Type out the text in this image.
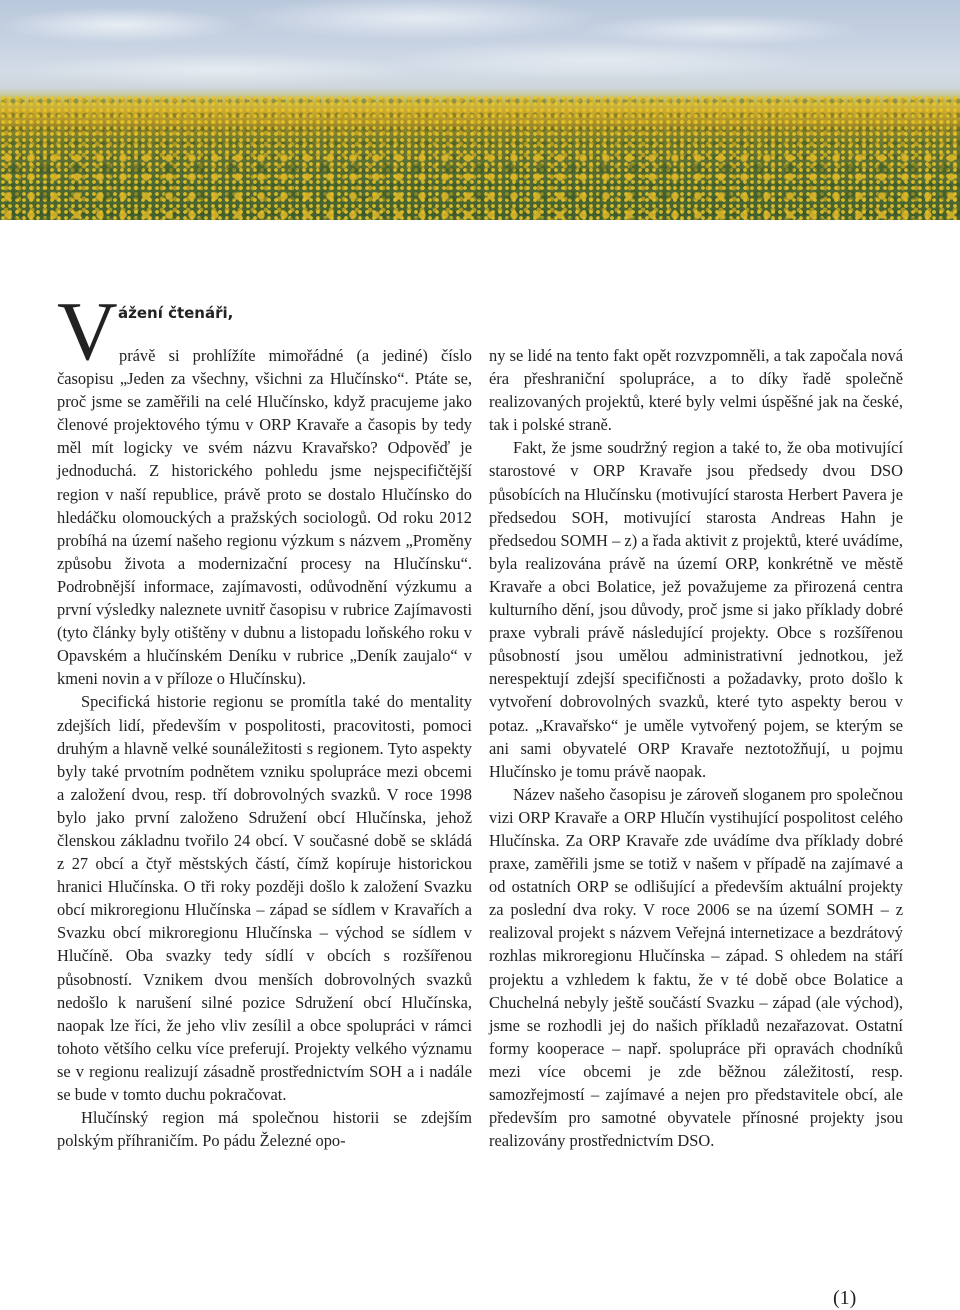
V ážení čtenáři,

právě si prohlížíte mimořádné (a jediné) číslo časopisu „Jeden za všechny, všichni za Hlučínsko“. Ptáte se, proč jsme se zaměřili na celé Hlučínsko, když pracujeme jako členové projektového týmu v ORP Kravaře a časopis by tedy měl mít logicky ve svém názvu Kravařsko? Odpověď je jednoduchá. Z historického pohledu jsme nejspecifičtější region v naší republice, právě proto se dostalo Hlučínsko do hledáčku olomouckých a pražských sociologů. Od roku 2012 probíhá na území našeho regionu výzkum s názvem „Proměny způsobu života a modernizační procesy na Hlučínsku“. Podrobnější informace, zajímavosti, odůvodnění výzkumu a první výsledky naleznete uvnitř časopisu v rubrice Zajímavosti (tyto články byly otištěny v dubnu a listopadu loňského roku v Opavském a hlučínském Deníku v rubrice „Deník zaujalo“ v kmeni novin a v příloze o Hlučínsku).

Specifická historie regionu se promítla také do mentality zdejších lidí, především v pospolitosti, pracovitosti, pomoci druhým a hlavně velké sounáležitosti s regionem. Tyto aspekty byly také prvotním podnětem vzniku spolupráce mezi obcemi a založení dvou, resp. tří dobrovolných svazků. V roce 1998 bylo jako první založeno Sdružení obcí Hlučínska, jehož členskou základnu tvořilo 24 obcí. V současné době se skládá z 27 obcí a čtyř městských částí, čímž kopíruje historickou hranici Hlučínska. O tři roky později došlo k založení Svazku obcí mikroregionu Hlučínska – západ se sídlem v Kravařích a Svazku obcí mikroregionu Hlučínska – východ se sídlem v Hlučíně. Oba svazky tedy sídlí v obcích s rozšířenou působností. Vznikem dvou menších dobrovolných svazků nedošlo k narušení silné pozice Sdružení obcí Hlučínska, naopak lze říci, že jeho vliv zesílil a obce spolupráci v rámci tohoto většího celku více preferují. Projekty velkého významu se v regionu realizují zásadně prostřednictvím SOH a i nadále se bude v tomto duchu pokračovat.

Hlučínský region má společnou historii se zdejším polským příhraničím. Po pádu Železné opo-

ny se lidé na tento fakt opět rozvzpomněli, a tak započala nová éra přeshraniční spolupráce, a to díky řadě společně realizovaných projektů, které byly velmi úspěšné jak na české, tak i polské straně.

Fakt, že jsme soudržný region a také to, že oba motivující starostové v ORP Kravaře jsou předsedy dvou DSO působících na Hlučínsku (motivující starosta Herbert Pavera je předsedou SOH, motivující starosta Andreas Hahn je předsedou SOMH – z) a řada aktivit z projektů, které uvádíme, byla realizována právě na území ORP, konkrétně ve městě Kravaře a obci Bolatice, jež považujeme za přirozená centra kulturního dění, jsou důvody, proč jsme si jako příklady dobré praxe vybrali právě následující projekty. Obce s rozšířenou působností jsou umělou administrativní jednotkou, jež nerespektují zdejší specifičnosti a požadavky, proto došlo k vytvoření dobrovolných svazků, které tyto aspekty berou v potaz. „Kravařsko“ je uměle vytvořený pojem, se kterým se ani sami obyvatelé ORP Kravaře neztotožňují, u pojmu Hlučínsko je tomu právě naopak.

Název našeho časopisu je zároveň sloganem pro společnou vizi ORP Kravaře a ORP Hlučín vystihující pospolitost celého Hlučínska. Za ORP Kravaře zde uvádíme dva příklady dobré praxe, zaměřili jsme se totiž v našem v případě na zajímavé a od ostatních ORP se odlišující a především aktuální projekty za poslední dva roky. V roce 2006 se na území SOMH – z realizoval projekt s názvem Veřejná internetizace a bezdrátový rozhlas mikroregionu Hlučínska – západ. S ohledem na stáří projektu a vzhledem k faktu, že v té době obce Bolatice a Chuchelná nebyly ještě součástí Svazku – západ (ale východ), jsme se rozhodli jej do našich příkladů nezařazovat. Ostatní formy kooperace – např. spolupráce při opravách chodníků mezi více obcemi je zde běžnou záležitostí, resp. samozřejmostí – zajímavé a nejen pro představitele obcí, ale především pro samotné obyvatele přínosné projekty jsou realizovány prostřednictvím DSO.

(1)
